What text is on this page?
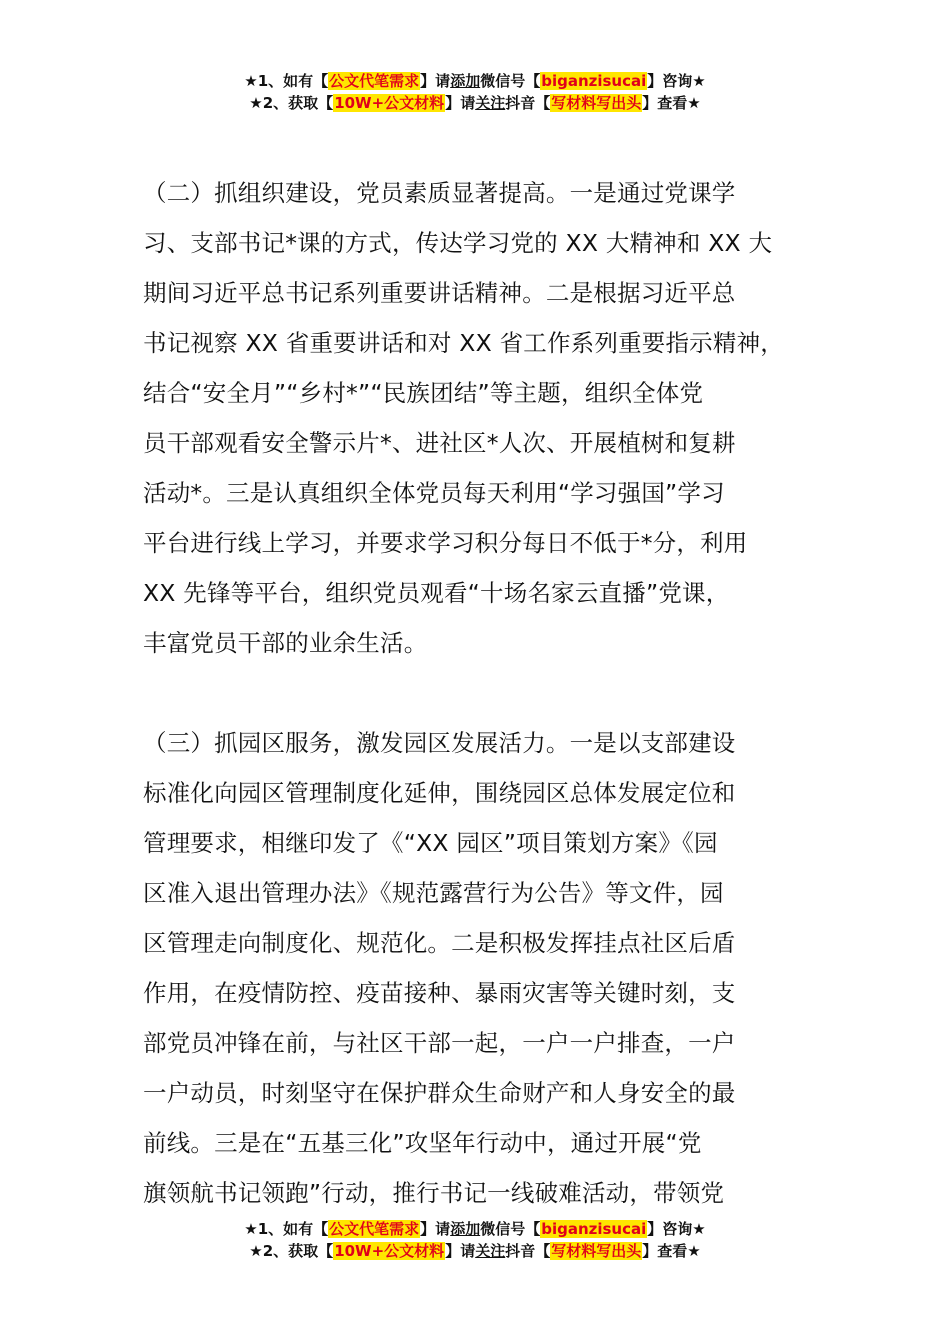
★1、如有【公文代笔需求】请添加微信号【biganzisucai】咨询★
★2、获取【10W+公文材料】请关注抖音【写材料写出头】查看★
（二）抓组织建设，党员素质显著提高。一是通过党课学
习、支部书记*课的方式，传达学习党的 XX 大精神和 XX 大
期间习近平总书记系列重要讲话精神。二是根据习近平总
书记视察 XX 省重要讲话和对 XX 省工作系列重要指示精神，
结合“安全月”“乡村*”“民族团结”等主题，组织全体党
员干部观看安全警示片*、进社区*人次、开展植树和复耕
活动*。三是认真组织全体党员每天利用“学习强国”学习
平台进行线上学习，并要求学习积分每日不低于*分，利用
XX 先锋等平台，组织党员观看“十场名家云直播”党课，
丰富党员干部的业余生活。
（三）抓园区服务，激发园区发展活力。一是以支部建设
标准化向园区管理制度化延伸，围绕园区总体发展定位和
管理要求，相继印发了《“XX 园区”项目策划方案》《园
区准入退出管理办法》《规范露营行为公告》等文件，园
区管理走向制度化、规范化。二是积极发挥挂点社区后盾
作用，在疫情防控、疫苗接种、暴雨灾害等关键时刻，支
部党员冲锋在前，与社区干部一起，一户一户排查，一户
一户动员，时刻坚守在保护群众生命财产和人身安全的最
前线。三是在“五基三化”攻坚年行动中，通过开展“党
旗领航书记领跑”行动，推行书记一线破难活动，带领党
★1、如有【公文代笔需求】请添加微信号【biganzisucai】咨询★
★2、获取【10W+公文材料】请关注抖音【写材料写出头】查看★
